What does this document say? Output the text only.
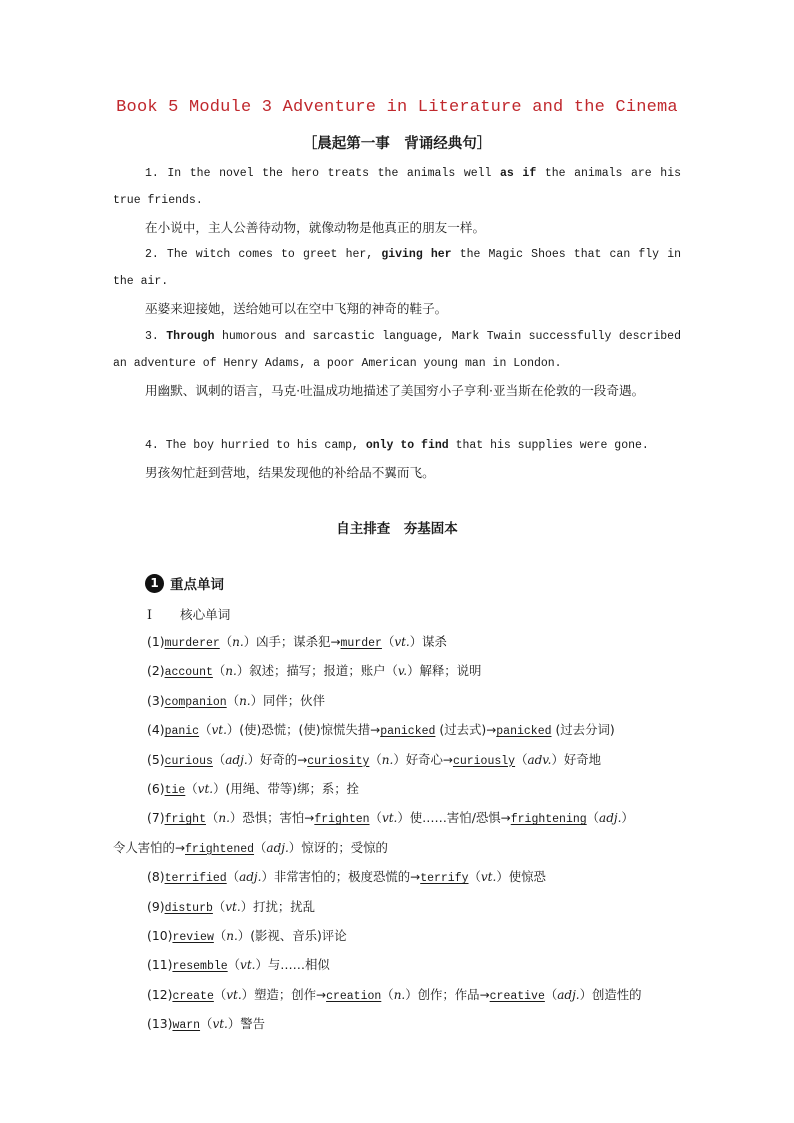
Book 5 Module 3 Adventure in Literature and the Cinema
［晨起第一事　背诵经典句］
1. In the novel the hero treats the animals well as if the animals are his true friends.
在小说中，主人公善待动物，就像动物是他真正的朋友一样。
2. The witch comes to greet her, giving her the Magic Shoes that can fly in the air.
巫婆来迎接她，送给她可以在空中飞翔的神奇的鞋子。
3. Through humorous and sarcastic language, Mark Twain successfully described an adventure of Henry Adams, a poor American young man in London.
用幽默、讽刺的语言，马克·吐温成功地描述了美国穷小子亨利·亚当斯在伦敦的一段奇遇。
4. The boy hurried to his camp, only to find that his supplies were gone.
男孩匆忙赶到营地，结果发现他的补给品不翼而飞。
自主排查　夯基固本
1 重点单词
Ⅰ 核心单词
(1)murderer（n.）凶手；谋杀犯→murder（vt.）谋杀
(2)account（n.）叙述；描写；报道；账户（v.）解释；说明
(3)companion（n.）同伴；伙伴
(4)panic（vt.）(使)恐慌；(使)惊慌失措→panicked (过去式)→panicked (过去分词)
(5)curious（adj.）好奇的→curiosity（n.）好奇心→curiously（adv.）好奇地
(6)tie（vt.）(用绳、带等)绑；系；拴
(7)fright（n.）恐惧；害怕→frighten（vt.）使……害怕/恐惧→frightening（adj.）
令人害怕的→frightened（adj.）惊讶的；受惊的
(8)terrified（adj.）非常害怕的；极度恐慌的→terrify（vt.）使惊恐
(9)disturb（vt.）打扰；扰乱
(10)review（n.）(影视、音乐)评论
(11)resemble（vt.）与……相似
(12)create（vt.）塑造；创作→creation（n.）创作；作品→creative（adj.）创造性的
(13)warn（vt.）警告
